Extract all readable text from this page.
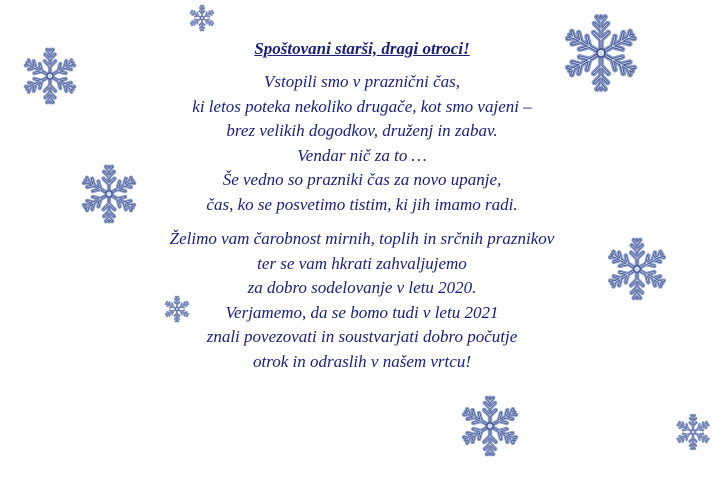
Spoštovani starši, dragi otroci!

Vstopili smo v praznični čas,
ki letos poteka nekoliko drugače, kot smo vajeni –
brez velikih dogodkov, druženj in zabav.
Vendar nič za to …
Še vedno so prazniki čas za novo upanje,
čas, ko se posvetimo tistim, ki jih imamo radi.

Želimo vam čarobnost mirnih, toplih in srčnih praznikov
ter se vam hkrati zahvaljujemo
za dobro sodelovanje v letu 2020.
Verjamemo, da se bomo tudi v letu 2021
znali povezovati in soustvarjati dobro počutje
otrok in odraslih v našem vrtcu!
